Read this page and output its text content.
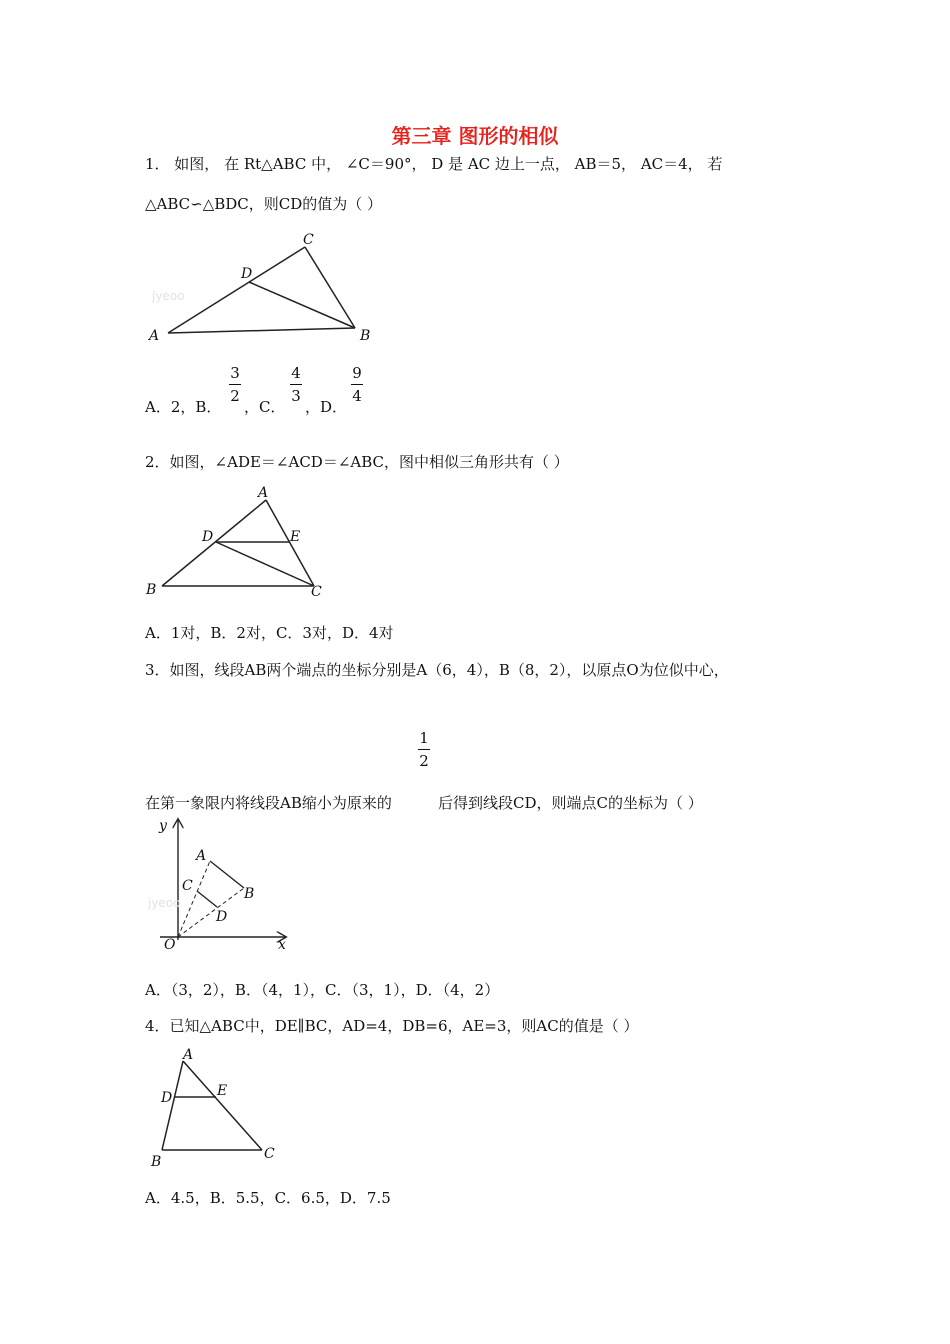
第三章 图形的相似
1． 如图， 在 Rt△ABC 中， ∠C＝90°， D 是 AC 边上一点， AB＝5， AC＝4， 若
△ABC∽△BDC，则CD的值为（ ）
A	B
C
D
jyeoo
A．2，B．
3
2
，C．
4
3
，D．
9
4
2．如图，∠ADE＝∠ACD＝∠ABC，图中相似三角形共有（ ）
A
B	C
D	E
A．1对，B．2对，C．3对，D．4对
3．如图，线段AB两个端点的坐标分别是A（6，4），B（8，2），以原点O为位似中心，
在第一象限内将线段AB缩小为原来的
1
2
后得到线段CD，则端点C的坐标为（ ）
y
x
O
A
B
C
D
jyeoo
A．（3，2），B．（4，1），C．（3，1），D．（4，2）
4．已知△ABC中，DE∥BC，AD=4，DB=6，AE=3，则AC的值是（ ）
A
B	C
D	E
A．4.5，B．5.5，C．6.5，D．7.5
